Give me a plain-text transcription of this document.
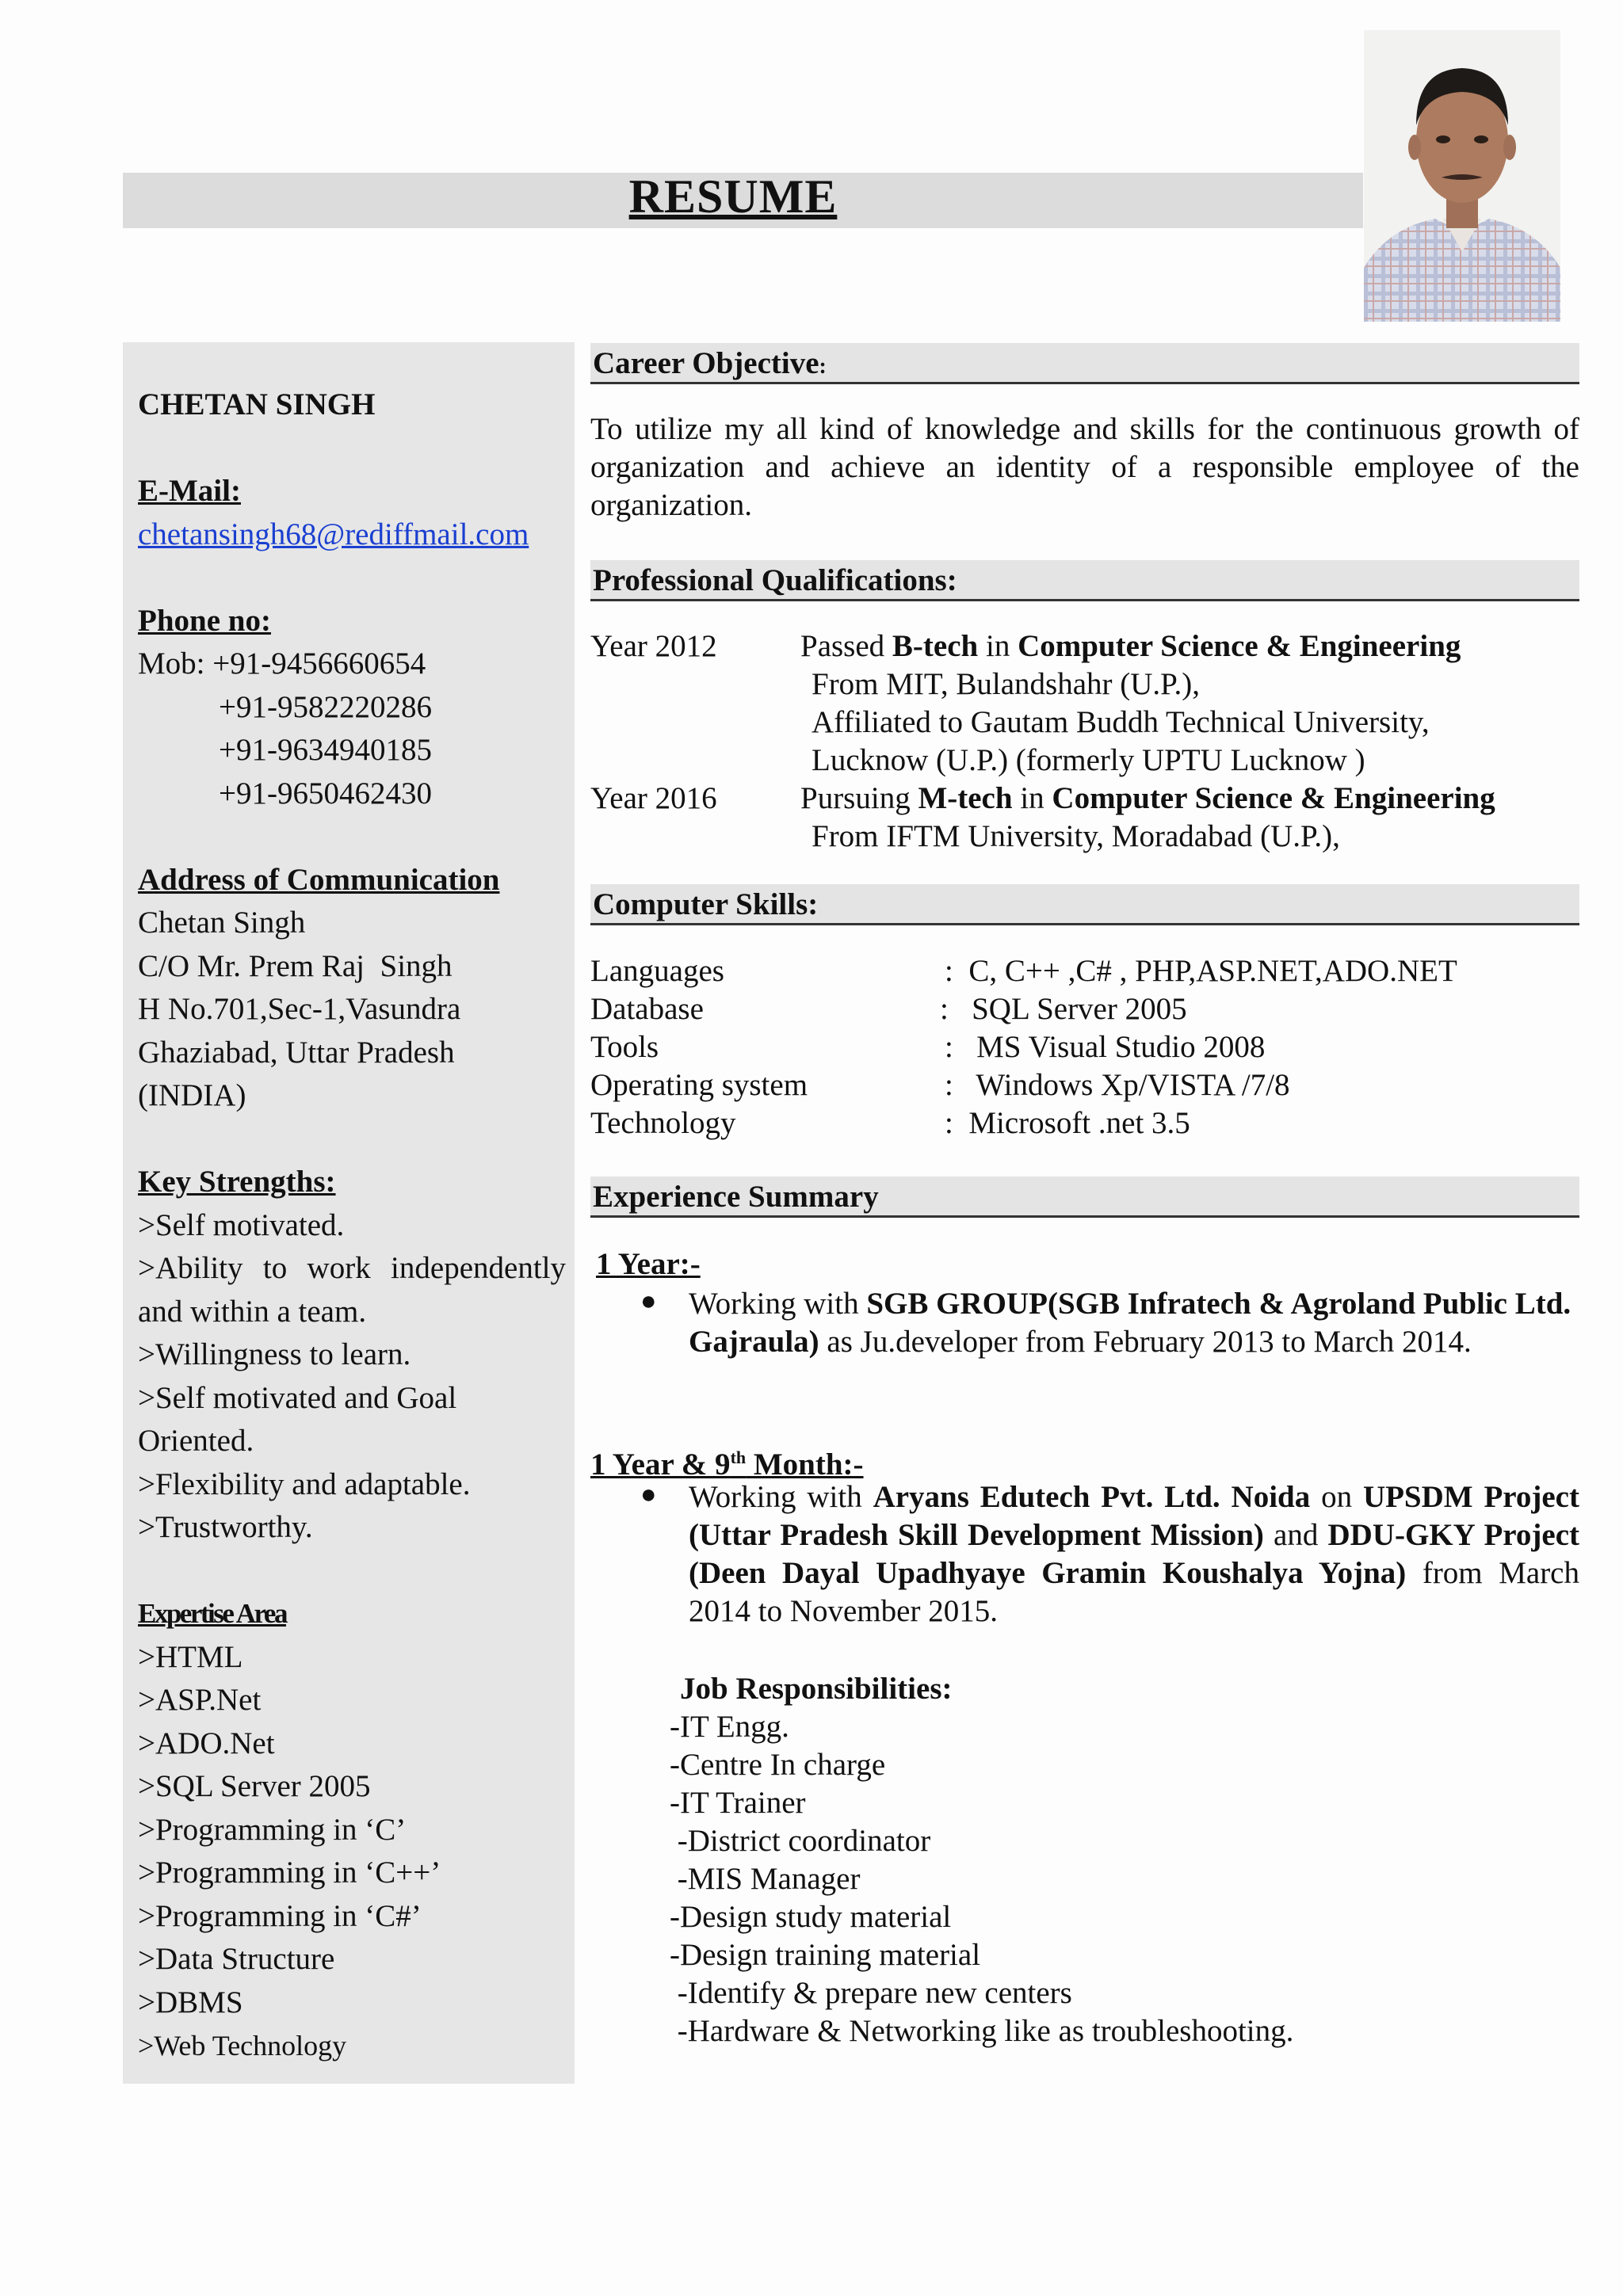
RESUME
CHETAN SINGH
E-Mail:
chetansingh68@rediffmail.com
Phone no:
Mob: +91-9456660654
+91-9582220286
+91-9634940185
+91-9650462430
Address of Communication
Chetan Singh
C/O Mr. Prem Raj  Singh
H No.701,Sec-1,Vasundra
Ghaziabad, Uttar Pradesh
(INDIA)
Key Strengths:
>Self motivated.
>Ability to work independently
and within a team.
>Willingness to learn.
>Self motivated and Goal
Oriented.
>Flexibility and adaptable.
>Trustworthy.
Expertise Area
>HTML
>ASP.Net
>ADO.Net
>SQL Server 2005
>Programming in ‘C’
>Programming in ‘C++’
>Programming in ‘C#’
>Data Structure
>DBMS
>Web Technology
Career Objective:
To utilize my all kind of knowledge and skills for the continuous growth of organization and achieve an identity of a responsible employee of the organization.
Professional Qualifications:
Year 2012	Passed B-tech in Computer Science & Engineering
From MIT, Bulandshahr (U.P.),
Affiliated to Gautam Buddh Technical University,
Lucknow (U.P.) (formerly UPTU Lucknow )
Year 2016	Pursuing M-tech in Computer Science & Engineering
From IFTM University, Moradabad (U.P.),
Computer Skills:
Languages	:  C, C++ ,C# , PHP,ASP.NET,ADO.NET
Database	:   SQL Server 2005
Tools	:   MS Visual Studio 2008
Operating system	:   Windows Xp/VISTA /7/8
Technology	:  Microsoft .net 3.5
Experience Summary
1 Year:-
● Working with SGB GROUP(SGB Infratech & Agroland Public Ltd. Gajraula) as Ju.developer from February 2013 to March 2014.
1 Year & 9th Month:-
● Working with Aryans Edutech Pvt. Ltd. Noida on UPSDM Project (Uttar Pradesh Skill Development Mission) and DDU-GKY Project (Deen Dayal Upadhyaye Gramin Koushalya Yojna) from March 2014 to November 2015.
Job Responsibilities:
-IT Engg.
-Centre In charge
-IT Trainer
-District coordinator
-MIS Manager
-Design study material
-Design training material
-Identify & prepare new centers
-Hardware & Networking like as troubleshooting.
